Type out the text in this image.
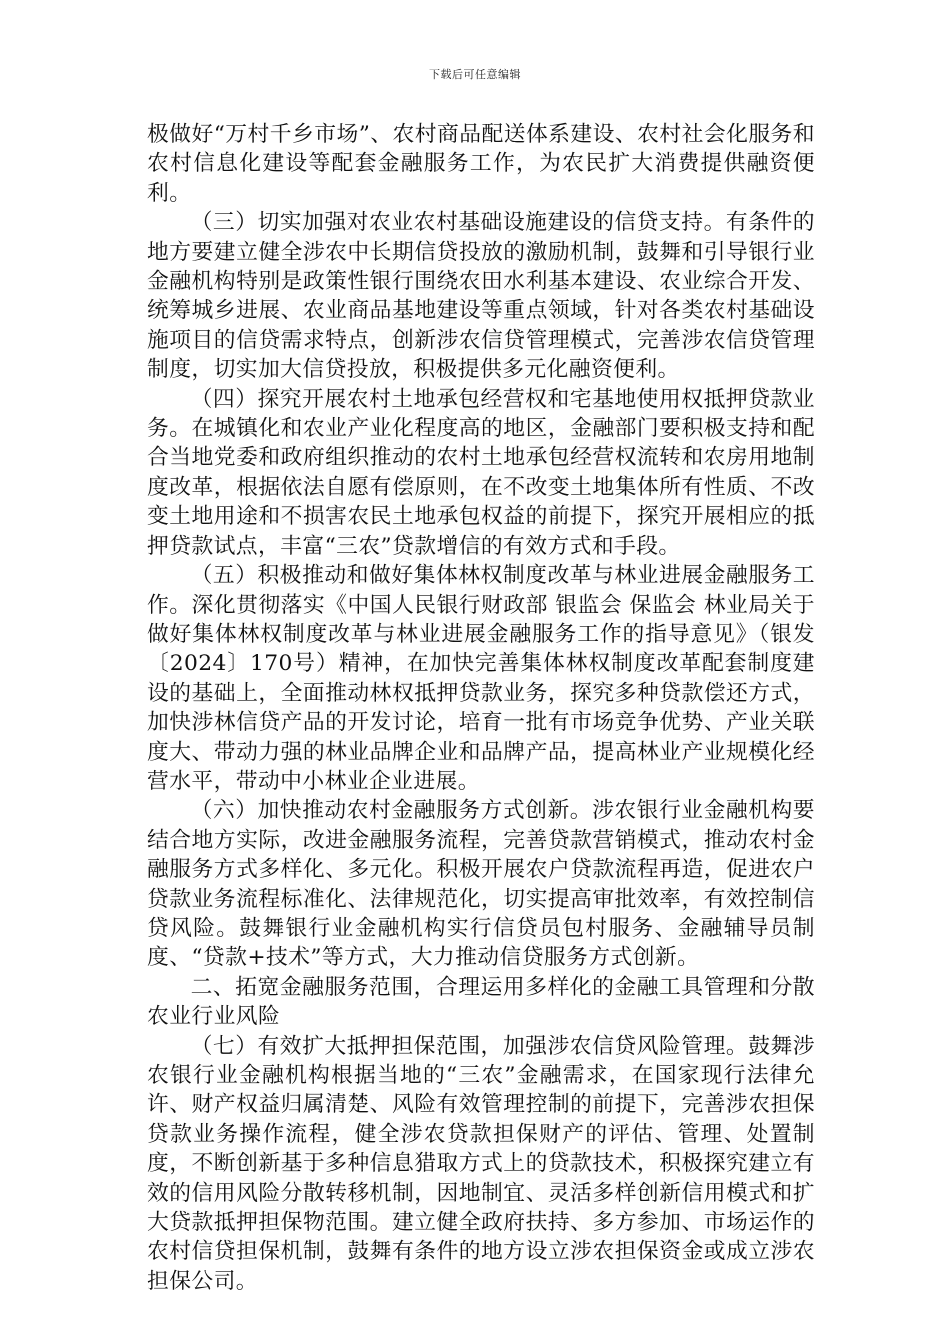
下载后可任意编辑

极做好“万村千乡市场”、农村商品配送体系建设、农村社会化服务和农村信息化建设等配套金融服务工作，为农民扩大消费提供融资便利。

（三）切实加强对农业农村基础设施建设的信贷支持。有条件的地方要建立健全涉农中长期信贷投放的激励机制，鼓舞和引导银行业金融机构特别是政策性银行围绕农田水利基本建设、农业综合开发、统筹城乡进展、农业商品基地建设等重点领域，针对各类农村基础设施项目的信贷需求特点，创新涉农信贷管理模式，完善涉农信贷管理制度，切实加大信贷投放，积极提供多元化融资便利。

（四）探究开展农村土地承包经营权和宅基地使用权抵押贷款业务。在城镇化和农业产业化程度高的地区，金融部门要积极支持和配合当地党委和政府组织推动的农村土地承包经营权流转和农房用地制度改革，根据依法自愿有偿原则，在不改变土地集体所有性质、不改变土地用途和不损害农民土地承包权益的前提下，探究开展相应的抵押贷款试点，丰富“三农”贷款增信的有效方式和手段。

（五）积极推动和做好集体林权制度改革与林业进展金融服务工作。深化贯彻落实《中国人民银行财政部 银监会 保监会 林业局关于做好集体林权制度改革与林业进展金融服务工作的指导意见》（银发〔2024〕170号）精神，在加快完善集体林权制度改革配套制度建设的基础上，全面推动林权抵押贷款业务，探究多种贷款偿还方式，加快涉林信贷产品的开发讨论，培育一批有市场竞争优势、产业关联度大、带动力强的林业品牌企业和品牌产品，提高林业产业规模化经营水平，带动中小林业企业进展。

（六）加快推动农村金融服务方式创新。涉农银行业金融机构要结合地方实际，改进金融服务流程，完善贷款营销模式，推动农村金融服务方式多样化、多元化。积极开展农户贷款流程再造，促进农户贷款业务流程标准化、法律规范化，切实提高审批效率，有效控制信贷风险。鼓舞银行业金融机构实行信贷员包村服务、金融辅导员制度、“贷款+技术”等方式，大力推动信贷服务方式创新。

二、拓宽金融服务范围，合理运用多样化的金融工具管理和分散农业行业风险

（七）有效扩大抵押担保范围，加强涉农信贷风险管理。鼓舞涉农银行业金融机构根据当地的“三农”金融需求，在国家现行法律允许、财产权益归属清楚、风险有效管理控制的前提下，完善涉农担保贷款业务操作流程，健全涉农贷款担保财产的评估、管理、处置制度，不断创新基于多种信息猎取方式上的贷款技术，积极探究建立有效的信用风险分散转移机制，因地制宜、灵活多样创新信用模式和扩大贷款抵押担保物范围。建立健全政府扶持、多方参加、市场运作的农村信贷担保机制，鼓舞有条件的地方设立涉农担保资金或成立涉农担保公司。
